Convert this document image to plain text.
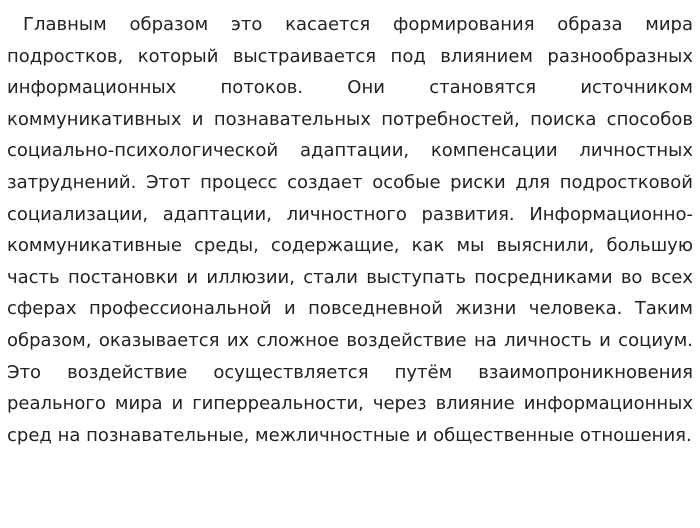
Главным образом это касается формирования образа мира подростков, который выстраивается под влиянием разнообразных информационных потоков. Они становятся источником коммуникативных и познавательных потребностей, поиска способов социально-психологической адаптации, компенсации личностных затруднений. Этот процесс создает особые риски для подростковой социализации, адаптации, личностного развития. Информационно-коммуникативные среды, содержащие, как мы выяснили, большую часть постановки и иллюзии, стали выступать посредниками во всех сферах профессиональной и повседневной жизни человека. Таким образом, оказывается их сложное воздействие на личность и социум. Это воздействие осуществляется путём взаимопроникновения реального мира и гиперреальности, через влияние информационных сред на познавательные, межличностные и общественные отношения.
